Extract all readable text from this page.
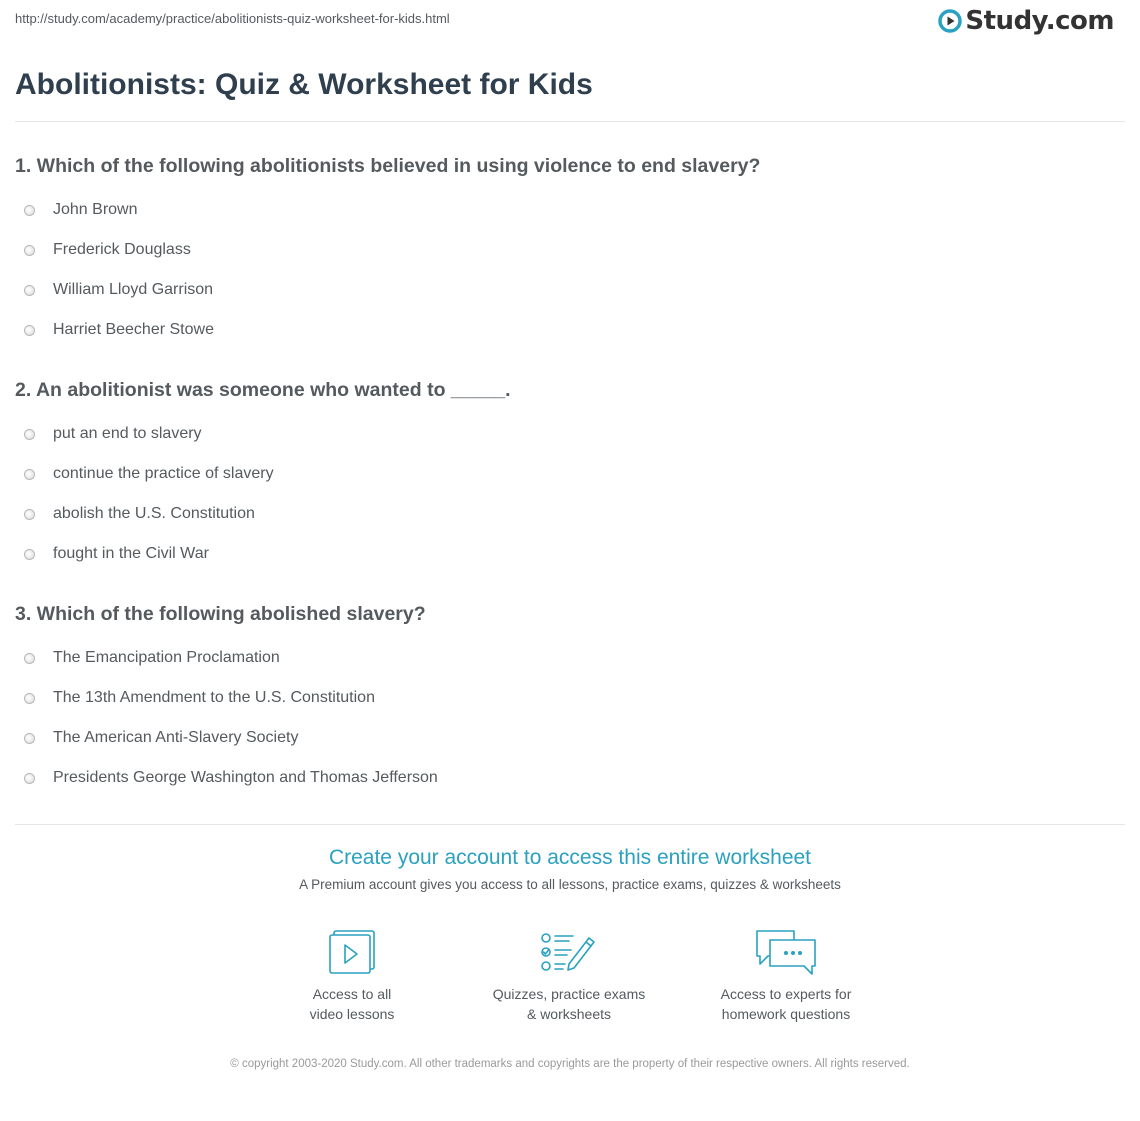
http://study.com/academy/practice/abolitionists-quiz-worksheet-for-kids.html	Study.com
Abolitionists: Quiz & Worksheet for Kids

1. Which of the following abolitionists believed in using violence to end slavery?

John Brown
Frederick Douglass
William Lloyd Garrison
Harriet Beecher Stowe

2. An abolitionist was someone who wanted to _____.

put an end to slavery
continue the practice of slavery
abolish the U.S. Constitution
fought in the Civil War

3. Which of the following abolished slavery?

The Emancipation Proclamation
The 13th Amendment to the U.S. Constitution
The American Anti-Slavery Society
Presidents George Washington and Thomas Jefferson
Create your account to access this entire worksheet
A Premium account gives you access to all lessons, practice exams, quizzes & worksheets
Access to all
video lessons
Quizzes, practice exams
& worksheets
Access to experts for
homework questions
© copyright 2003-2020 Study.com. All other trademarks and copyrights are the property of their respective owners. All rights reserved.
